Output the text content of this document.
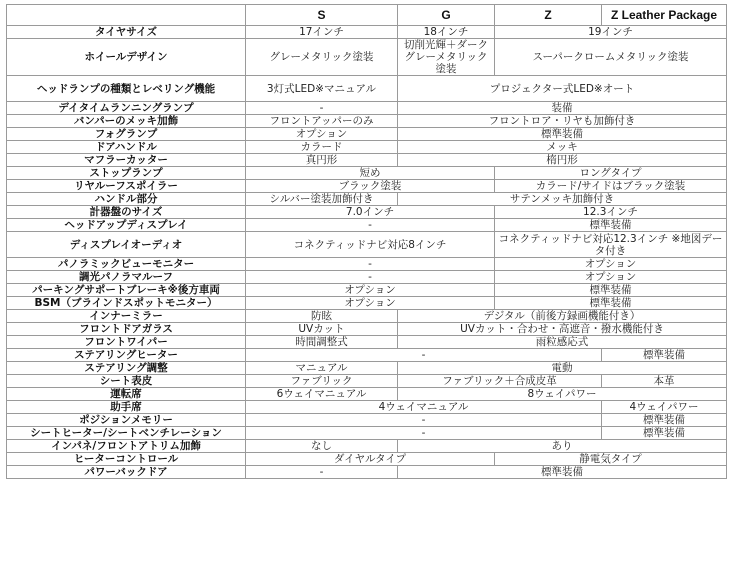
	S	G	Z	Z Leather Package
タイヤサイズ	17インチ	18インチ	19インチ	
ホイールデザイン	グレーメタリック塗装	切削光輝＋ダークグレーメタリック塗装	スーパークロームメタリック塗装	
ヘッドランプの種類とレベリング機能	3灯式LED※マニュアル	プロジェクター式LED※オート		
デイタイムランニングランプ	-	装備		
バンパーのメッキ加飾	フロントアッパーのみ	フロントロア・リヤも加飾付き		
フォグランプ	オプション	標準装備		
ドアハンドル	カラード	メッキ		
マフラーカッター	真円形	楕円形		
ストップランプ	短め		ロングタイプ	
リヤルーフスポイラー	ブラック塗装		カラード/サイドはブラック塗装	
ハンドル部分	シルバー塗装加飾付き	サテンメッキ加飾付き		
計器盤のサイズ	7.0インチ		12.3インチ	
ヘッドアップディスプレイ	-		標準装備	
ディスプレイオーディオ	コネクティッドナビ対応8インチ		コネクティッドナビ対応12.3インチ ※地図データ付き	
パノラミックビューモニター	-		オプション	
調光パノラマルーフ	-		オプション	
パーキングサポートブレーキ※後方車両	オプション		標準装備	
BSM（ブラインドスポットモニター）	オプション		標準装備	
インナーミラー	防眩	デジタル（前後方録画機能付き）		
フロントドアガラス	UVカット	UVカット・合わせ・高遮音・撥水機能付き		
フロントワイパー	時間調整式	雨粒感応式		
ステアリングヒーター	-			標準装備
ステアリング調整	マニュアル	電動		
シート表皮	ファブリック	ファブリック＋合成皮革		本革
運転席	6ウェイマニュアル	8ウェイパワー		
助手席	4ウェイマニュアル			4ウェイパワー
ポジションメモリー	-			標準装備
シートヒーター/シートベンチレーション	-			標準装備
インパネ/フロントアトリム加飾	なし	あり		
ヒーターコントロール	ダイヤルタイプ		静電気タイプ	
パワーバックドア	-	標準装備		
